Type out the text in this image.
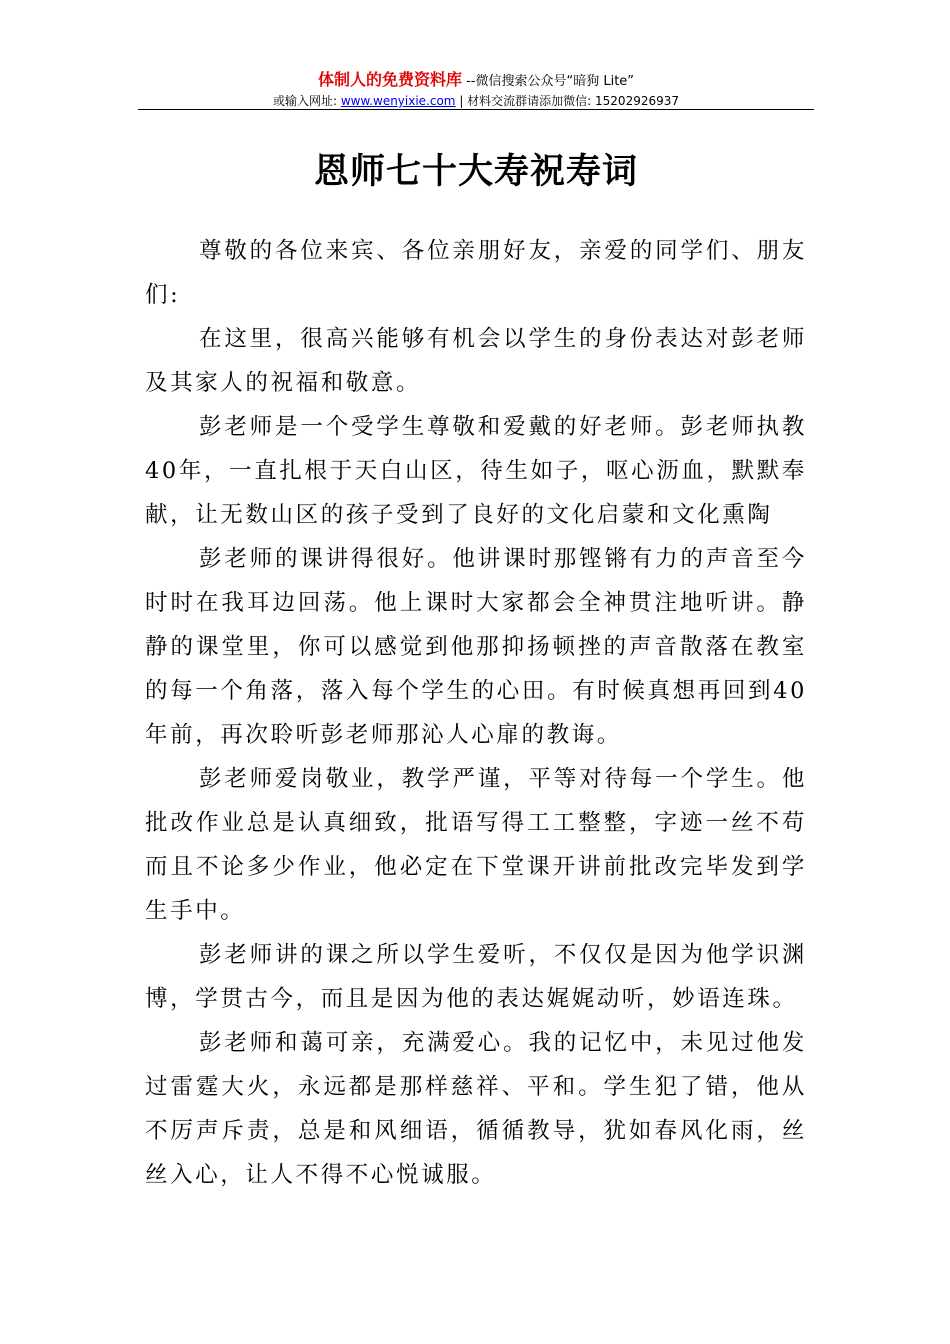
体制人的免费资料库 --微信搜索公众号“暗狗 Lite”
或输入网址: www.wenyixie.com | 材料交流群请添加微信: 15202926937
恩师七十大寿祝寿词

尊敬的各位来宾、各位亲朋好友，亲爱的同学们、朋友们:

在这里，很高兴能够有机会以学生的身份表达对彭老师及其家人的祝福和敬意。

彭老师是一个受学生尊敬和爱戴的好老师。彭老师执教40年，一直扎根于天白山区，待生如子，呕心沥血，默默奉献，让无数山区的孩子受到了良好的文化启蒙和文化熏陶

彭老师的课讲得很好。他讲课时那铿锵有力的声音至今时时在我耳边回荡。他上课时大家都会全神贯注地听讲。静静的课堂里，你可以感觉到他那抑扬顿挫的声音散落在教室的每一个角落，落入每个学生的心田。有时候真想再回到40年前，再次聆听彭老师那沁人心扉的教诲。

彭老师爱岗敬业，教学严谨，平等对待每一个学生。他批改作业总是认真细致，批语写得工工整整，字迹一丝不苟而且不论多少作业，他必定在下堂课开讲前批改完毕发到学生手中。

彭老师讲的课之所以学生爱听，不仅仅是因为他学识渊博，学贯古今，而且是因为他的表达娓娓动听，妙语连珠。

彭老师和蔼可亲，充满爱心。我的记忆中，未见过他发过雷霆大火，永远都是那样慈祥、平和。学生犯了错，他从不厉声斥责，总是和风细语，循循教导，犹如春风化雨，丝丝入心，让人不得不心悦诚服。
